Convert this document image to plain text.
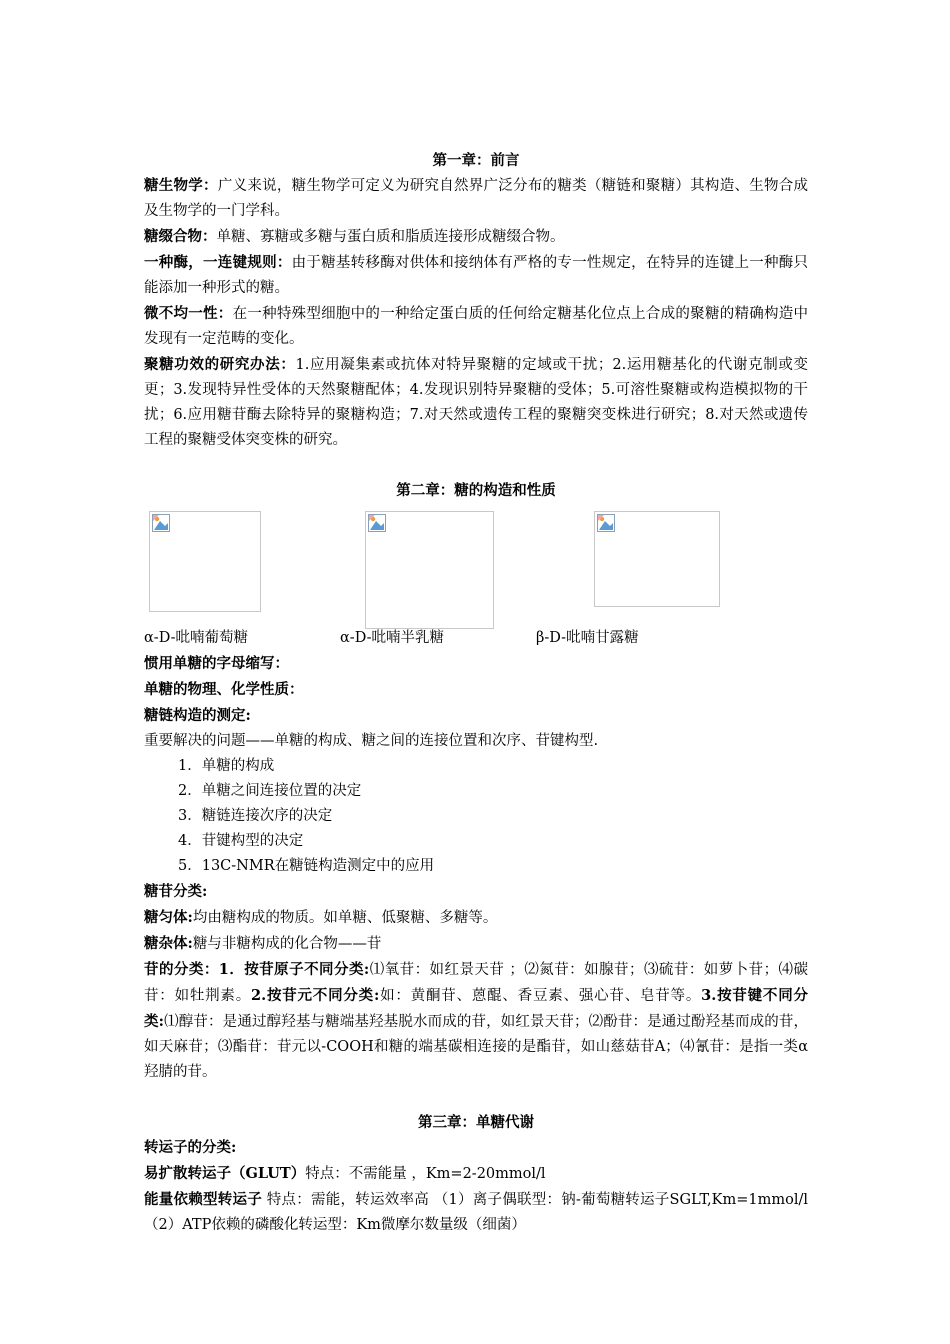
第一章：前言

糖生物学：广义来说，糖生物学可定义为研究自然界广泛分布的糖类（糖链和聚糖）其构造、生物合成及生物学的一门学科。

糖缀合物：单糖、寡糖或多糖与蛋白质和脂质连接形成糖缀合物。

一种酶，一连键规则：由于糖基转移酶对供体和接纳体有严格的专一性规定，在特异的连键上一种酶只能添加一种形式的糖。

微不均一性：在一种特殊型细胞中的一种给定蛋白质的任何给定糖基化位点上合成的聚糖的精确构造中发现有一定范畴的变化。

聚糖功效的研究办法：1.应用凝集素或抗体对特异聚糖的定域或干扰；2.运用糖基化的代谢克制或变更；3.发现特异性受体的天然聚糖配体；4.发现识别特异聚糖的受体；5.可溶性聚糖或构造模拟物的干扰；6.应用糖苷酶去除特异的聚糖构造；7.对天然或遗传工程的聚糖突变株进行研究；8.对天然或遗传工程的聚糖受体突变株的研究。

第二章：糖的构造和性质

α-D-吡喃葡萄糖	α-D-吡喃半乳糖	β-D-吡喃甘露糖

惯用单糖的字母缩写：

单糖的物理、化学性质：

糖链构造的测定:

重要解决的问题——单糖的构成、糖之间的连接位置和次序、苷键构型.

1．单糖的构成

2．单糖之间连接位置的决定

3．糖链连接次序的决定

4．苷键构型的决定

5．13C-NMR在糖链构造测定中的应用

糖苷分类:

糖匀体:均由糖构成的物质。如单糖、低聚糖、多糖等。

糖杂体:糖与非糖构成的化合物——苷

苷的分类：1．按苷原子不同分类:⑴氧苷：如红景天苷 ；⑵氮苷：如腺苷；⑶硫苷：如萝卜苷；⑷碳苷：如牡荆素。2.按苷元不同分类:如：黄酮苷、蒽醌、香豆素、强心苷、皂苷等。3.按苷键不同分类:⑴醇苷：是通过醇羟基与糖端基羟基脱水而成的苷，如红景天苷；⑵酚苷：是通过酚羟基而成的苷，如天麻苷；⑶酯苷：苷元以-COOH和糖的端基碳相连接的是酯苷，如山慈菇苷A；⑷氰苷：是指一类α羟腈的苷。

第三章：单糖代谢

转运子的分类:

易扩散转运子（GLUT）特点：不需能量 ，Km=2-20mmol/l

能量依赖型转运子 特点：需能，转运效率高 （1）离子偶联型：钠-葡萄糖转运子SGLT,Km=1mmol/l （2）ATP依赖的磷酸化转运型：Km微摩尔数量级（细菌）
